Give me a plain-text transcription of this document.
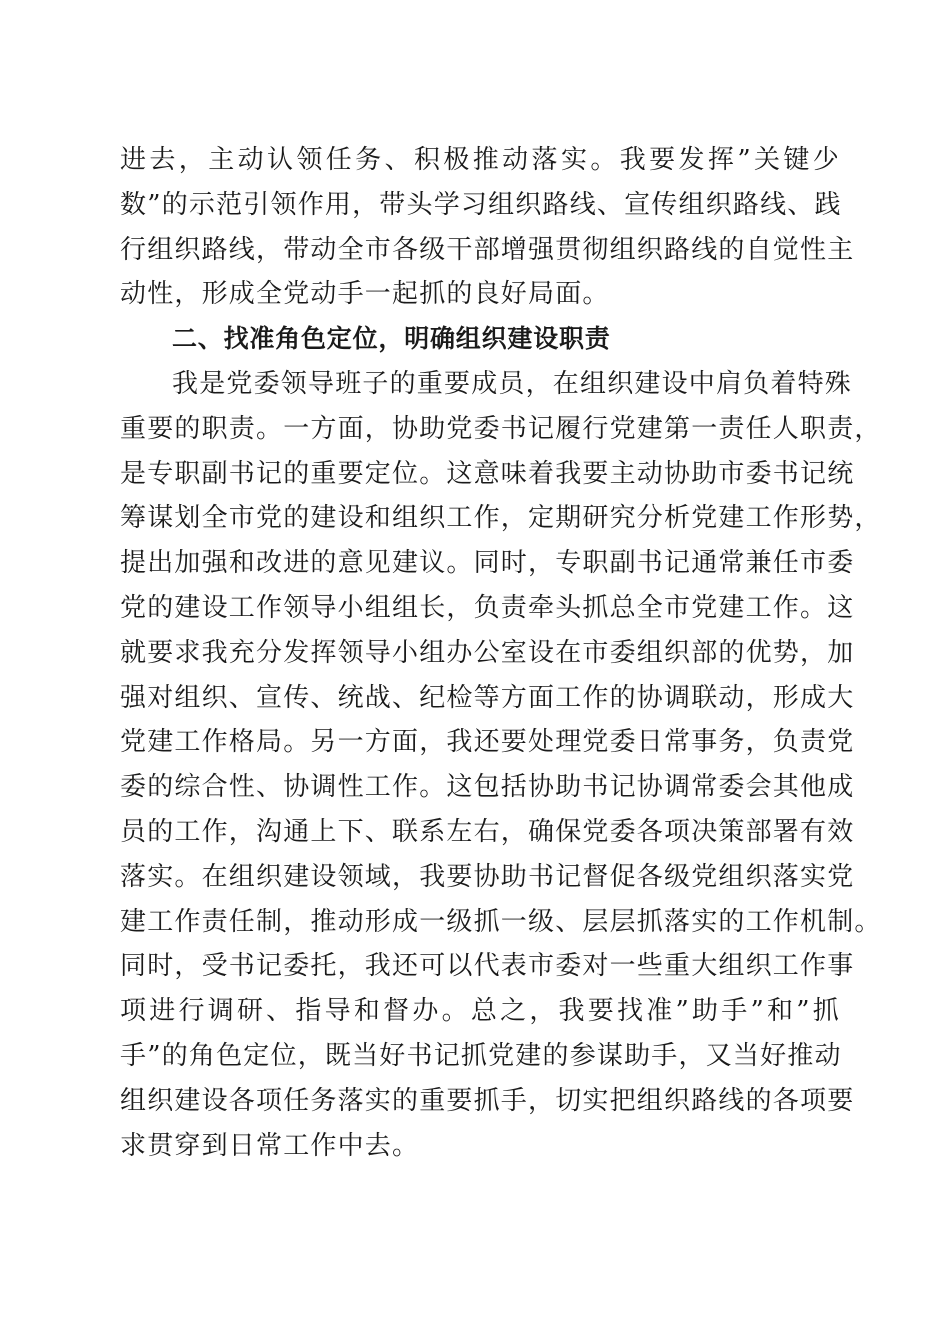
进去，主动认领任务、积极推动落实。我要发挥”关键少
数”的示范引领作用，带头学习组织路线、宣传组织路线、践
行组织路线，带动全市各级干部增强贯彻组织路线的自觉性主
动性，形成全党动手一起抓的良好局面。
二、找准角色定位，明确组织建设职责
我是党委领导班子的重要成员，在组织建设中肩负着特殊
重要的职责。一方面，协助党委书记履行党建第一责任人职责，
是专职副书记的重要定位。这意味着我要主动协助市委书记统
筹谋划全市党的建设和组织工作，定期研究分析党建工作形势，
提出加强和改进的意见建议。同时，专职副书记通常兼任市委
党的建设工作领导小组组长，负责牵头抓总全市党建工作。这
就要求我充分发挥领导小组办公室设在市委组织部的优势，加
强对组织、宣传、统战、纪检等方面工作的协调联动，形成大
党建工作格局。另一方面，我还要处理党委日常事务，负责党
委的综合性、协调性工作。这包括协助书记协调常委会其他成
员的工作，沟通上下、联系左右，确保党委各项决策部署有效
落实。在组织建设领域，我要协助书记督促各级党组织落实党
建工作责任制，推动形成一级抓一级、层层抓落实的工作机制。
同时，受书记委托，我还可以代表市委对一些重大组织工作事
项进行调研、指导和督办。总之，我要找准”助手”和”抓
手”的角色定位，既当好书记抓党建的参谋助手，又当好推动
组织建设各项任务落实的重要抓手，切实把组织路线的各项要
求贯穿到日常工作中去。
